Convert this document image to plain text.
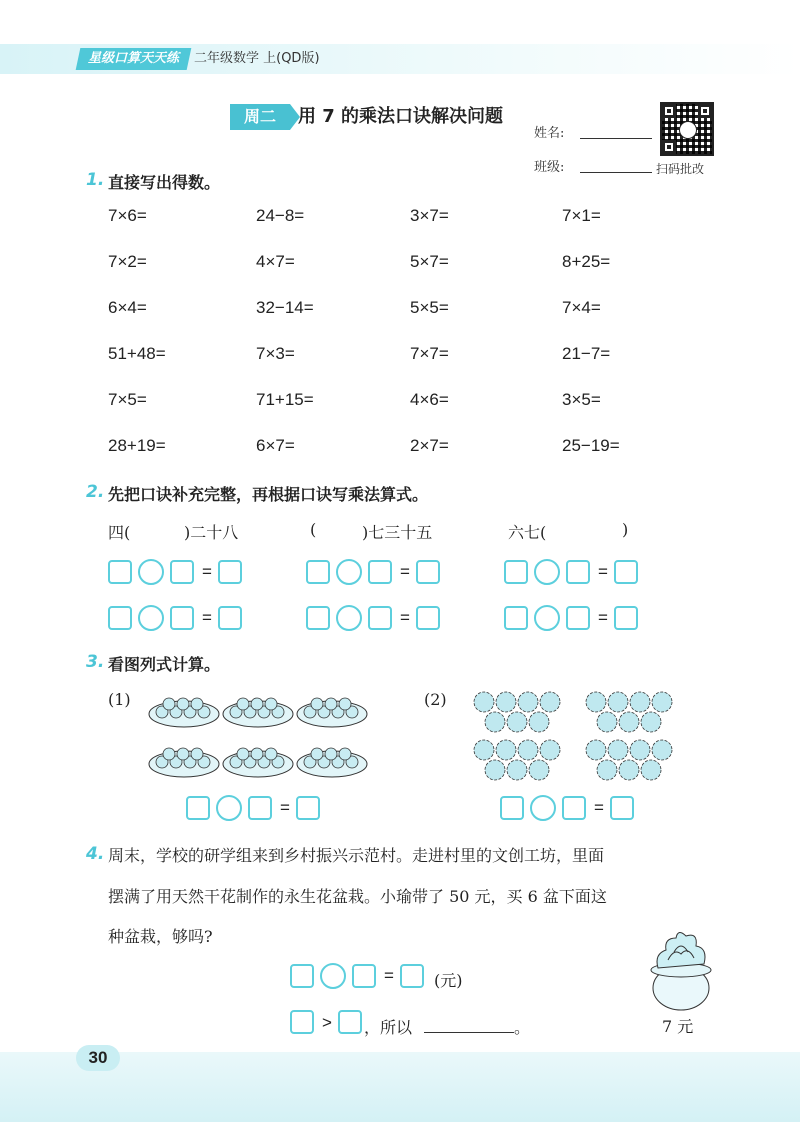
星级口算天天练	二年级数学 上(QD版)
周二	用 7 的乘法口诀解决问题
姓名:
班级:	扫码批改
1. 直接写出得数。
2. 先把口诀补充完整，再根据口诀写乘法算式。
四(	)二十八	(	)七三十五	六七(	)
3. 看图列式计算。
(1)	(2)
4. 周末，学校的研学组来到乡村振兴示范村。走进村里的文创工坊，里面
摆满了用天然干花制作的永生花盆栽。小瑜带了 50 元，买 6 盆下面这
种盆栽，够吗?
(元)
> ，所以	。	7 元
30
7×6=	24−8=	3×7=	7×1=
7×2=	4×7=	5×7=	8+25=
6×4=	32−14=	5×5=	7×4=
51+48=	7×3=	7×7=	21−7=
7×5=	71+15=	4×6=	3×5=
28+19=	6×7=	2×7=	25−19=
=
=
=
=
=
=
=	=
=
